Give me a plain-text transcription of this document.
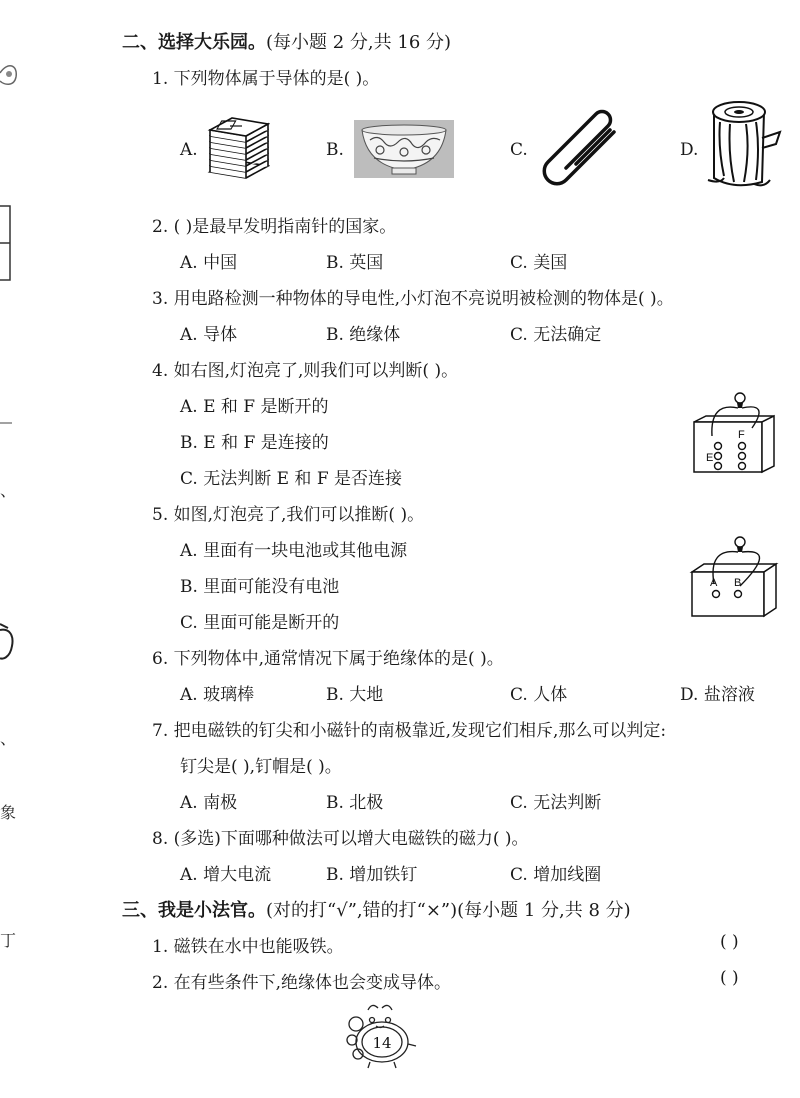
、
、
象
丁
二、选择大乐园。(每小题 2 分,共 16 分)
1. 下列物体属于导体的是( )。
A.	B.	C.	D.
2. ( )是最早发明指南针的国家。
A. 中国	B. 英国	C. 美国
3. 用电路检测一种物体的导电性,小灯泡不亮说明被检测的物体是( )。
A. 导体	B. 绝缘体	C. 无法确定
4. 如右图,灯泡亮了,则我们可以判断( )。
A. E 和 F 是断开的
B. E 和 F 是连接的
C. 无法判断 E 和 F 是否连接
E
F
5. 如图,灯泡亮了,我们可以推断( )。
A. 里面有一块电池或其他电源
B. 里面可能没有电池
C. 里面可能是断开的
A B
6. 下列物体中,通常情况下属于绝缘体的是( )。
A. 玻璃棒	B. 大地	C. 人体	D. 盐溶液
7. 把电磁铁的钉尖和小磁针的南极靠近,发现它们相斥,那么可以判定:
钉尖是( ),钉帽是( )。
A. 南极	B. 北极	C. 无法判断
8. (多选)下面哪种做法可以增大电磁铁的磁力( )。
A. 增大电流	B. 增加铁钉	C. 增加线圈
三、我是小法官。(对的打“√”,错的打“×”)(每小题 1 分,共 8 分)
1. 磁铁在水中也能吸铁。	( )
2. 在有些条件下,绝缘体也会变成导体。	( )
14
